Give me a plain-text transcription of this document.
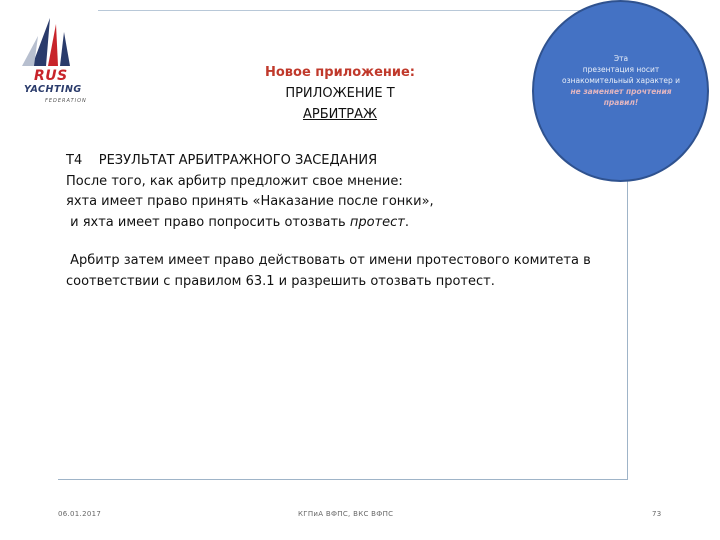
RUS
YACHTING
FEDERATION
Новое приложение:
ПРИЛОЖЕНИЕ Т
АРБИТРАЖ

Т4    РЕЗУЛЬТАТ АРБИТРАЖНОГО ЗАСЕДАНИЯ

После того, как арбитр предложит свое мнение:

яхта имеет право принять «Наказание после гонки»,

и яхта имеет право попросить отозвать протест.

Арбитр затем имеет право действовать от имени протестового комитета в соответствии с правилом 63.1 и разрешить отозвать протест.

Эта
презентация носит
ознакомительный характер и
не заменяет прочтения
правил!
06.01.2017	КГПиА ВФПС, ВКС ВФПС	73
